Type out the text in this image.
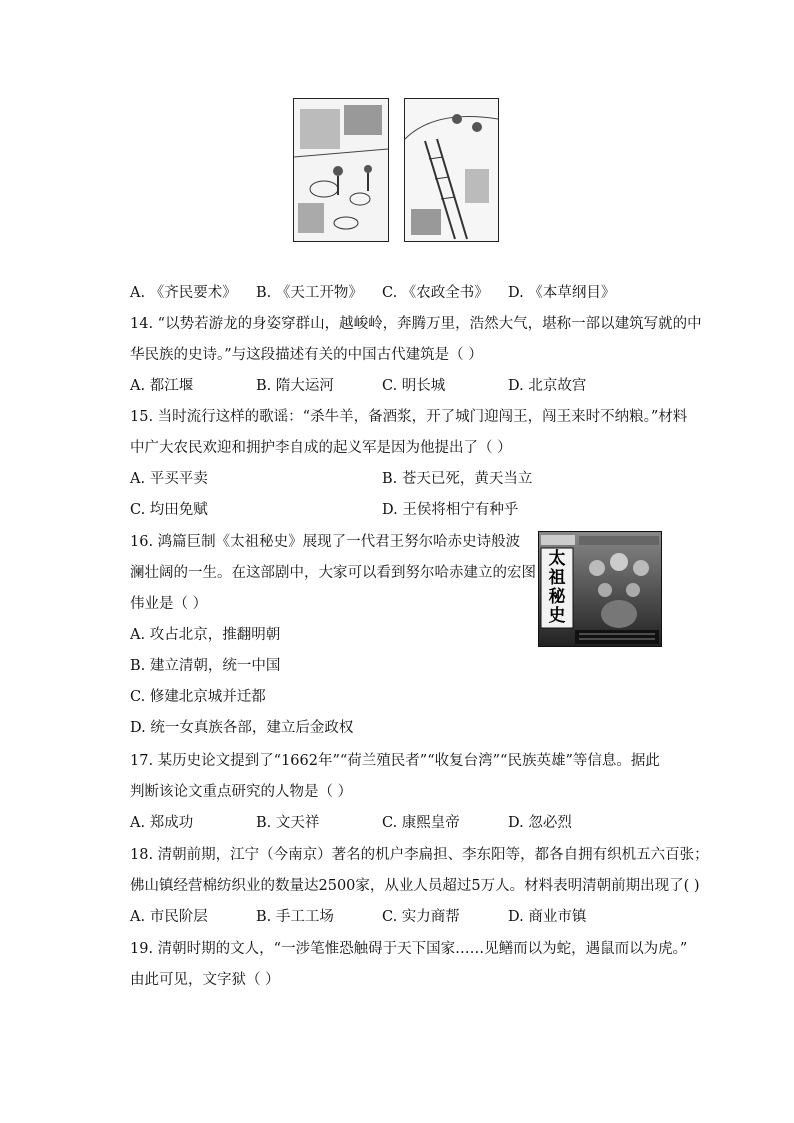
A. 《齐民要术》 B. 《天工开物》 C. 《农政全书》 D. 《本草纲目》
14. “以势若游龙的身姿穿群山，越峻岭，奔腾万里，浩然大气，堪称一部以建筑写就的中
华民族的史诗。”与这段描述有关的中国古代建筑是（ ）
A. 都江堰	B. 隋大运河	C. 明长城	D. 北京故宫
15. 当时流行这样的歌谣：“杀牛羊，备酒浆，开了城门迎闯王，闯王来时不纳粮。”材料
中广大农民欢迎和拥护李自成的起义军是因为他提出了（ ）
A. 平买平卖	B. 苍天已死，黄天当立
C. 均田免赋	D. 王侯将相宁有种乎
16. 鸿篇巨制《太祖秘史》展现了一代君王努尔哈赤史诗般波
澜壮阔的一生。在这部剧中，大家可以看到努尔哈赤建立的宏图
伟业是（ ）
A. 攻占北京，推翻明朝
B. 建立清朝，统一中国
C. 修建北京城并迁都
D. 统一女真族各部，建立后金政权
太
祖
秘
史
17. 某历史论文提到了“1662年”“荷兰殖民者”“收复台湾”“民族英雄”等信息。据此
判断该论文重点研究的人物是（ ）
A. 郑成功	B. 文天祥	C. 康熙皇帝	D. 忽必烈
18. 清朝前期，江宁（今南京）著名的机户李扁担、李东阳等，都各自拥有织机五六百张；
佛山镇经营棉纺织业的数量达2500家，从业人员超过5万人。材料表明清朝前期出现了( )
A. 市民阶层	B. 手工工场	C. 实力商帮	D. 商业市镇
19. 清朝时期的文人，“一涉笔惟恐触碍于天下国家……见鳝而以为蛇，遇鼠而以为虎。”
由此可见，文字狱（ ）
